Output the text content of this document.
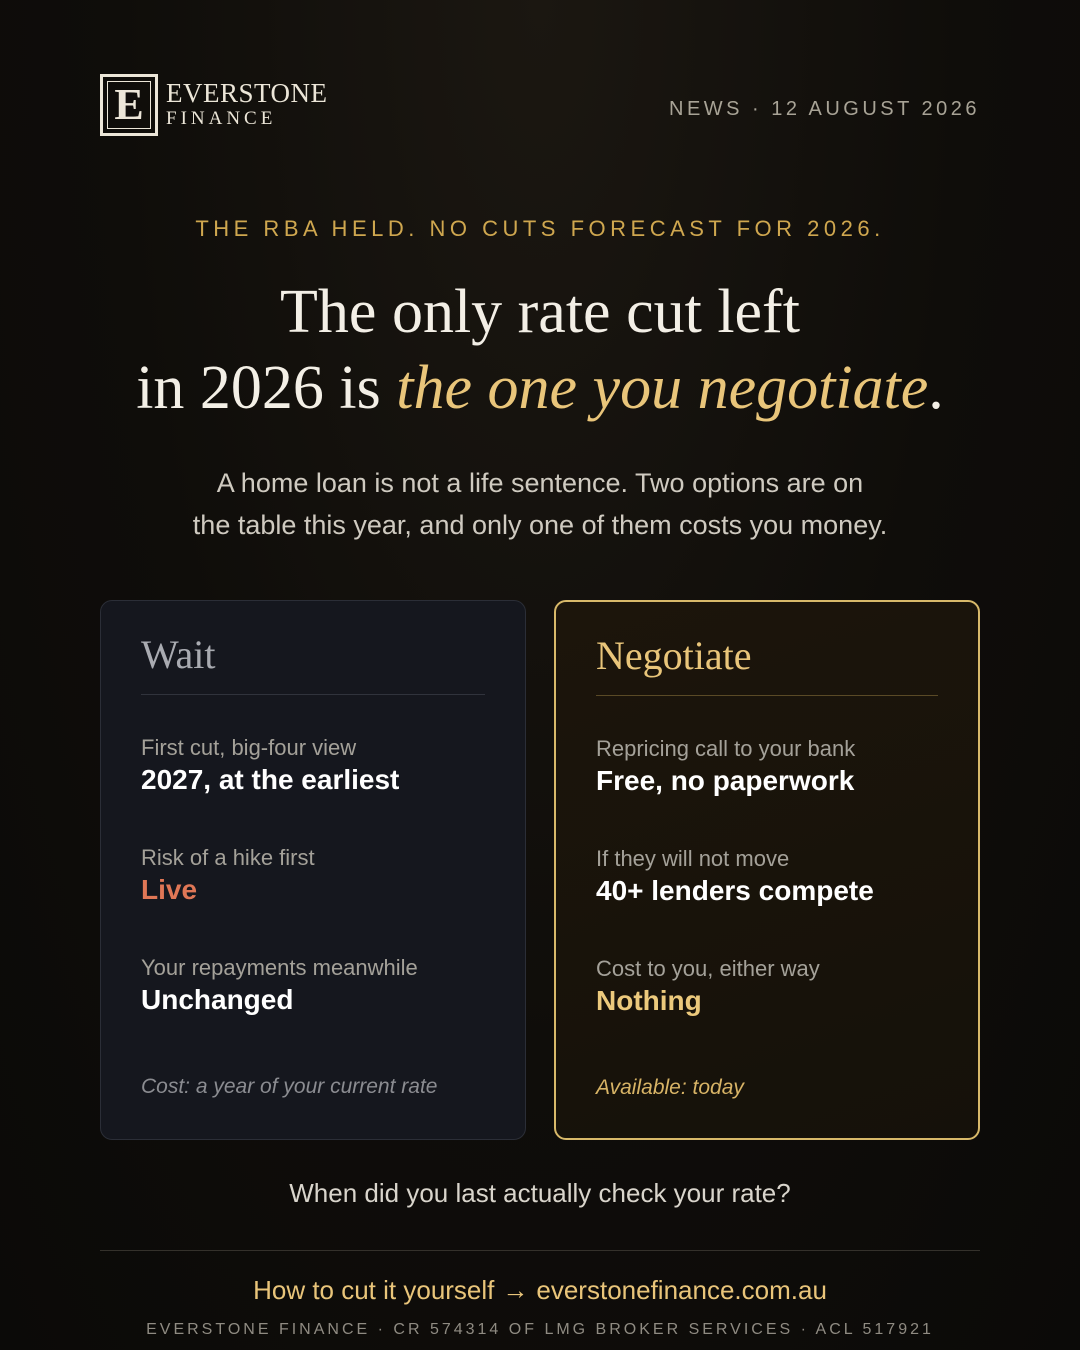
E EVERSTONE
FINANCE	NEWS · 12 AUGUST 2026
THE RBA HELD. NO CUTS FORECAST FOR 2026.
The only rate cut left
in 2026 is the one you negotiate.
A home loan is not a life sentence. Two options are on
the table this year, and only one of them costs you money.
Wait
First cut, big-four view
2027, at the earliest
Risk of a hike first
Live
Your repayments meanwhile
Unchanged
Cost: a year of your current rate
Negotiate
Repricing call to your bank
Free, no paperwork
If they will not move
40+ lenders compete
Cost to you, either way
Nothing
Available: today
When did you last actually check your rate?
How to cut it yourself → everstonefinance.com.au
EVERSTONE FINANCE · CR 574314 OF LMG BROKER SERVICES · ACL 517921
